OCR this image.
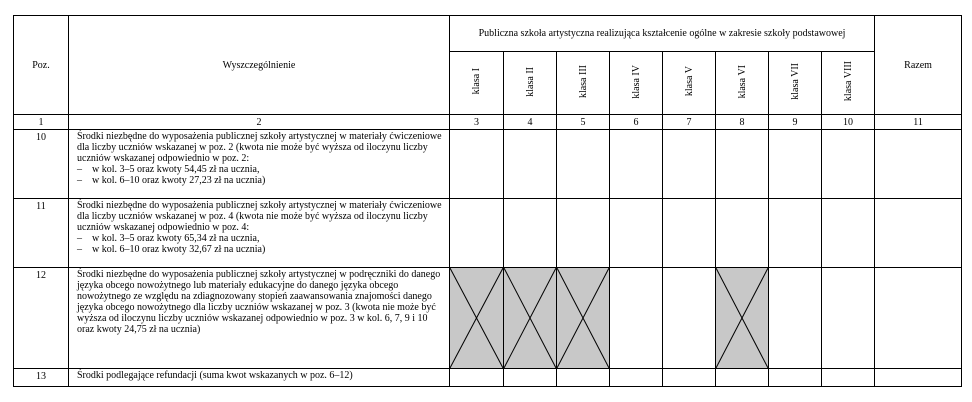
Poz.	Wyszczególnienie	Publiczna szkoła artystyczna realizująca kształcenie ogólne w zakresie szkoły podstawowej								Razem
		klasa I	klasa II	klasa III	klasa IV	klasa V	klasa VI	klasa VII	klasa VIII	
1	2	3	4	5	6	7	8	9	10	11
10	Środki niezbędne do wyposażenia publicznej szkoły artystycznej w materiały ćwiczeniowe dla liczby uczniów wskazanej w poz. 2 (kwota nie może być wyższa od iloczynu liczby uczniów wskazanej odpowiednio w poz. 2:
–    w kol. 3–5 oraz kwoty 54,45 zł na ucznia,
–    w kol. 6–10 oraz kwoty 27,23 zł na ucznia)									

11	Środki niezbędne do wyposażenia publicznej szkoły artystycznej w materiały ćwiczeniowe dla liczby uczniów wskazanej w poz. 4 (kwota nie może być wyższa od iloczynu liczby uczniów wskazanej odpowiednio w poz. 4:
–    w kol. 3–5 oraz kwoty 65,34 zł na ucznia,
–    w kol. 6–10 oraz kwoty 32,67 zł na ucznia)									

12	Środki niezbędne do wyposażenia publicznej szkoły artystycznej w podręczniki do danego języka obcego nowożytnego lub materiały edukacyjne do danego języka obcego nowożytnego ze względu na zdiagnozowany stopień zaawansowania znajomości danego języka obcego nowożytnego dla liczby uczniów wskazanej w poz. 3 (kwota nie może być wyższa od iloczynu liczby uczniów wskazanej odpowiednio w poz. 3 w kol. 6, 7, 9 i 10 oraz kwoty 24,75 zł na ucznia)	

13	Środki podlegające refundacji (suma kwot wskazanych w poz. 6–12)									
